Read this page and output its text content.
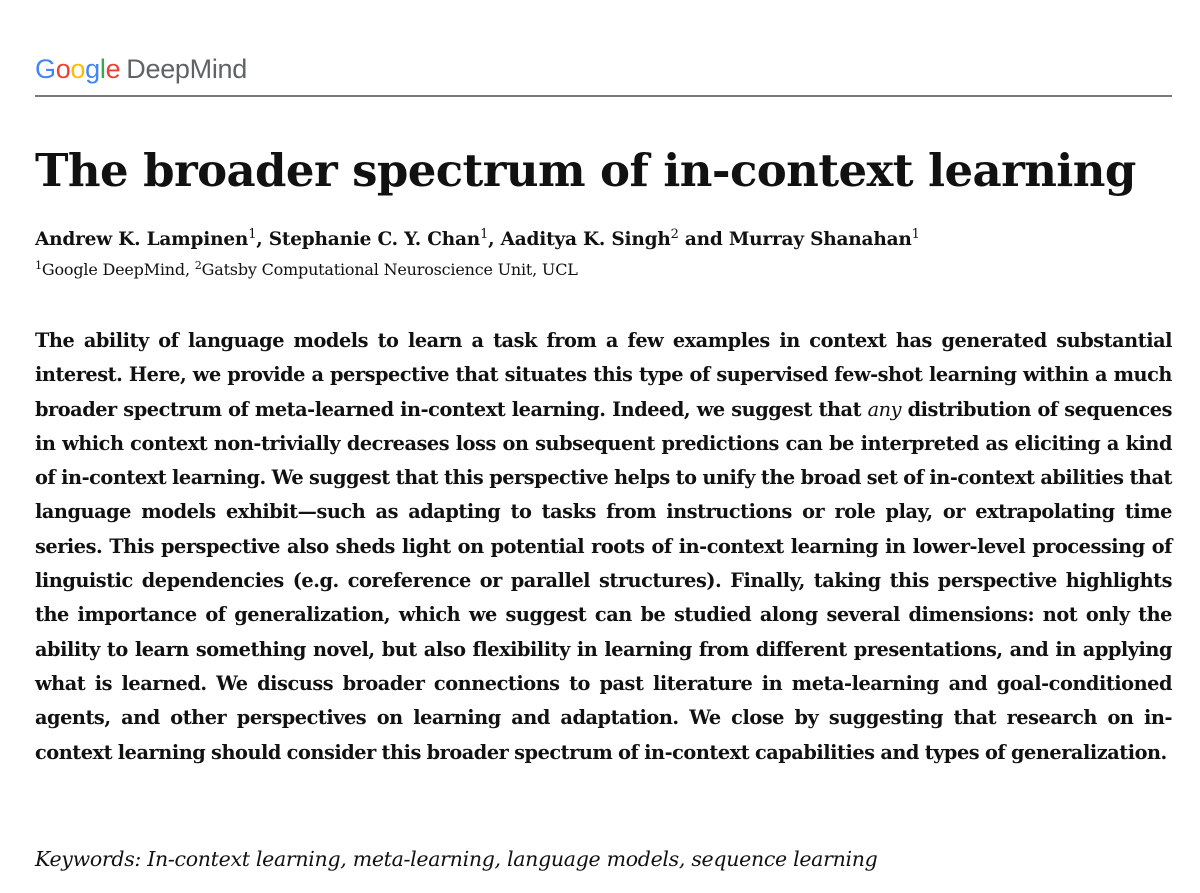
Google DeepMind
The broader spectrum of in-context learning
Andrew K. Lampinen$^1$, Stephanie C. Y. Chan$^1$, Aaditya K. Singh$^2$ and Murray Shanahan$^1$
$^1$Google DeepMind, $^2$Gatsby Computational Neuroscience Unit, UCL

The ability of language models to learn a task from a few examples in context has generated substantial interest. Here, we provide a perspective that situates this type of supervised few-shot learning within a much broader spectrum of meta-learned in-context learning. Indeed, we suggest that any distribution of sequences in which context non-trivially decreases loss on subsequent predictions can be interpreted as eliciting a kind of in-context learning. We suggest that this perspective helps to unify the broad set of in-context abilities that language models exhibit—such as adapting to tasks from instructions or role play, or extrapolating time series. This perspective also sheds light on potential roots of in-context learning in lower-level processing of linguistic dependencies (e.g. coreference or parallel structures). Finally, taking this perspective highlights the importance of generalization, which we suggest can be studied along several dimensions: not only the ability to learn something novel, but also flexibility in learning from different presentations, and in applying what is learned. We discuss broader connections to past literature in meta-learning and goal-conditioned agents, and other perspectives on learning and adaptation. We close by suggesting that research on in-context learning should consider this broader spectrum of in-context capabilities and types of generalization.

Keywords: In-context learning, meta-learning, language models, sequence learning
